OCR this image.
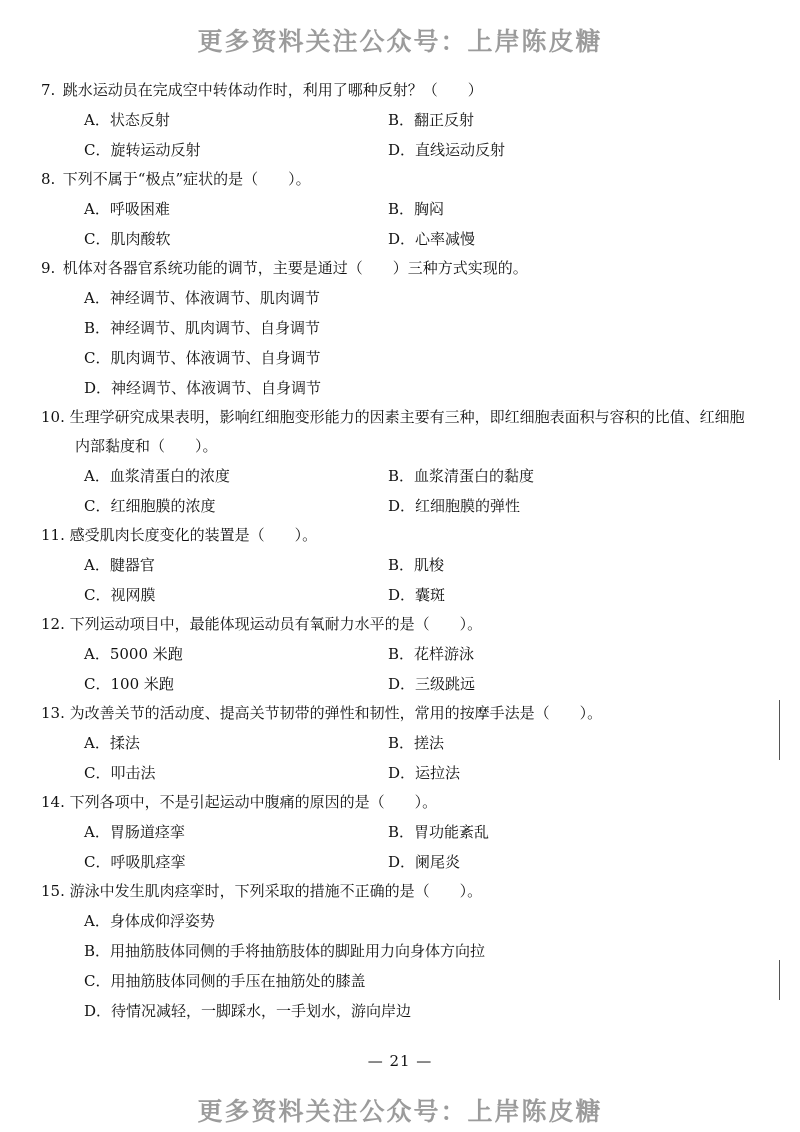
更多资料关注公众号：上岸陈皮糖
7. 跳水运动员在完成空中转体动作时，利用了哪种反射？（　　）
A．状态反射	B．翻正反射
C．旋转运动反射	D．直线运动反射
8. 下列不属于“极点”症状的是（　　）。
A．呼吸困难	B．胸闷
C．肌肉酸软	D．心率减慢
9. 机体对各器官系统功能的调节，主要是通过（　　）三种方式实现的。
A．神经调节、体液调节、肌肉调节
B．神经调节、肌肉调节、自身调节
C．肌肉调节、体液调节、自身调节
D．神经调节、体液调节、自身调节
10. 生理学研究成果表明，影响红细胞变形能力的因素主要有三种，即红细胞表面积与容积的比值、红细胞内部黏度和（　　）。
A．血浆清蛋白的浓度	B．血浆清蛋白的黏度
C．红细胞膜的浓度	D．红细胞膜的弹性
11. 感受肌肉长度变化的装置是（　　）。
A．腱器官	B．肌梭
C．视网膜	D．囊斑
12. 下列运动项目中，最能体现运动员有氧耐力水平的是（　　）。
A．5000 米跑	B．花样游泳
C．100 米跑	D．三级跳远
13. 为改善关节的活动度、提高关节韧带的弹性和韧性，常用的按摩手法是（　　）。
A．揉法	B．搓法
C．叩击法	D．运拉法
14. 下列各项中，不是引起运动中腹痛的原因的是（　　）。
A．胃肠道痉挛	B．胃功能紊乱
C．呼吸肌痉挛	D．阑尾炎
15. 游泳中发生肌肉痉挛时，下列采取的措施不正确的是（　　）。
A．身体成仰浮姿势
B．用抽筋肢体同侧的手将抽筋肢体的脚趾用力向身体方向拉
C．用抽筋肢体同侧的手压在抽筋处的膝盖
D．待情况减轻，一脚踩水，一手划水，游向岸边
— 21 —
更多资料关注公众号：上岸陈皮糖
